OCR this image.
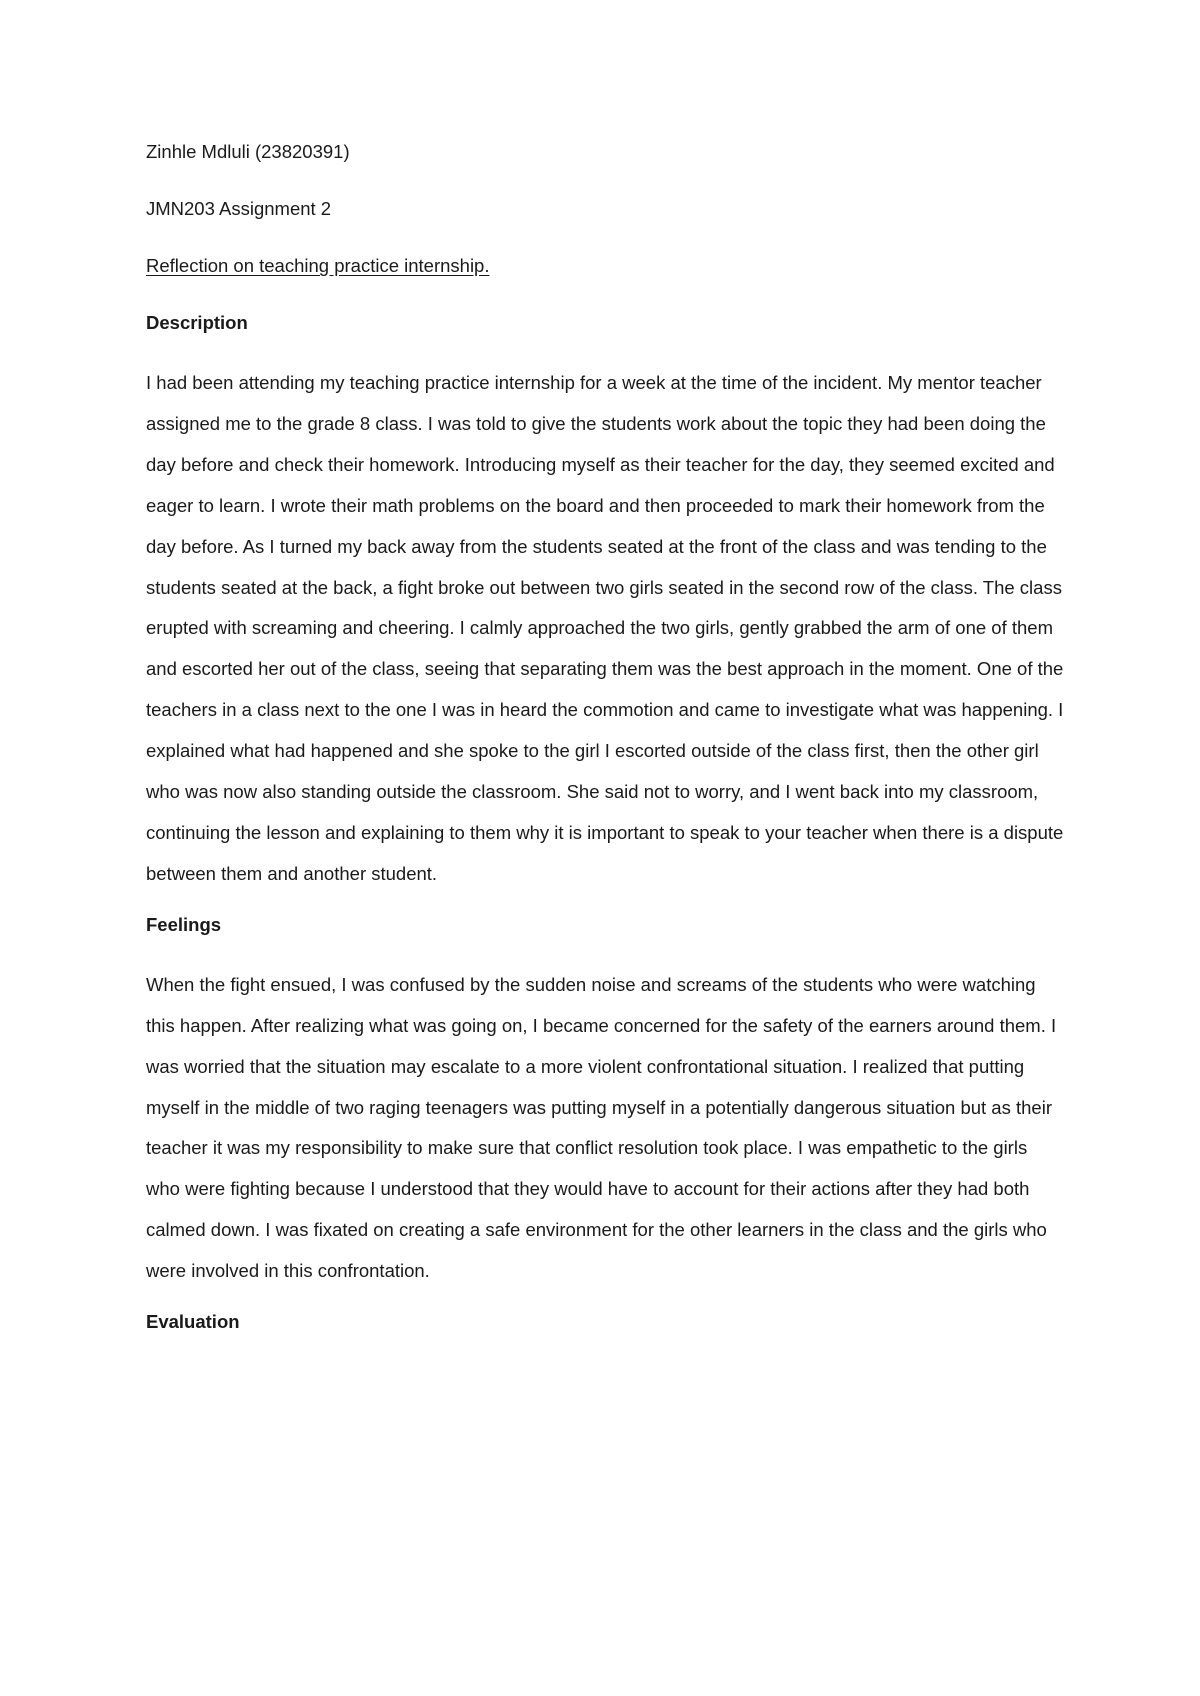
Zinhle Mdluli (23820391)

JMN203 Assignment 2

Reflection on teaching practice internship.

Description

I had been attending my teaching practice internship for a week at the time of the incident. My mentor teacher assigned me to the grade 8 class. I was told to give the students work about the topic they had been doing the day before and check their homework. Introducing myself as their teacher for the day, they seemed excited and eager to learn. I wrote their math problems on the board and then proceeded to mark their homework from the day before. As I turned my back away from the students seated at the front of the class and was tending to the students seated at the back, a fight broke out between two girls seated in the second row of the class. The class erupted with screaming and cheering. I calmly approached the two girls, gently grabbed the arm of one of them and escorted her out of the class, seeing that separating them was the best approach in the moment. One of the teachers in a class next to the one I was in heard the commotion and came to investigate what was happening. I explained what had happened and she spoke to the girl I escorted outside of the class first, then the other girl who was now also standing outside the classroom. She said not to worry, and I went back into my classroom, continuing the lesson and explaining to them why it is important to speak to your teacher when there is a dispute between them and another student.

Feelings

When the fight ensued, I was confused by the sudden noise and screams of the students who were watching this happen. After realizing what was going on, I became concerned for the safety of the earners around them. I was worried that the situation may escalate to a more violent confrontational situation. I realized that putting myself in the middle of two raging teenagers was putting myself in a potentially dangerous situation but as their teacher it was my responsibility to make sure that conflict resolution took place. I was empathetic to the girls who were fighting because I understood that they would have to account for their actions after they had both calmed down. I was fixated on creating a safe environment for the other learners in the class and the girls who were involved in this confrontation.

Evaluation
